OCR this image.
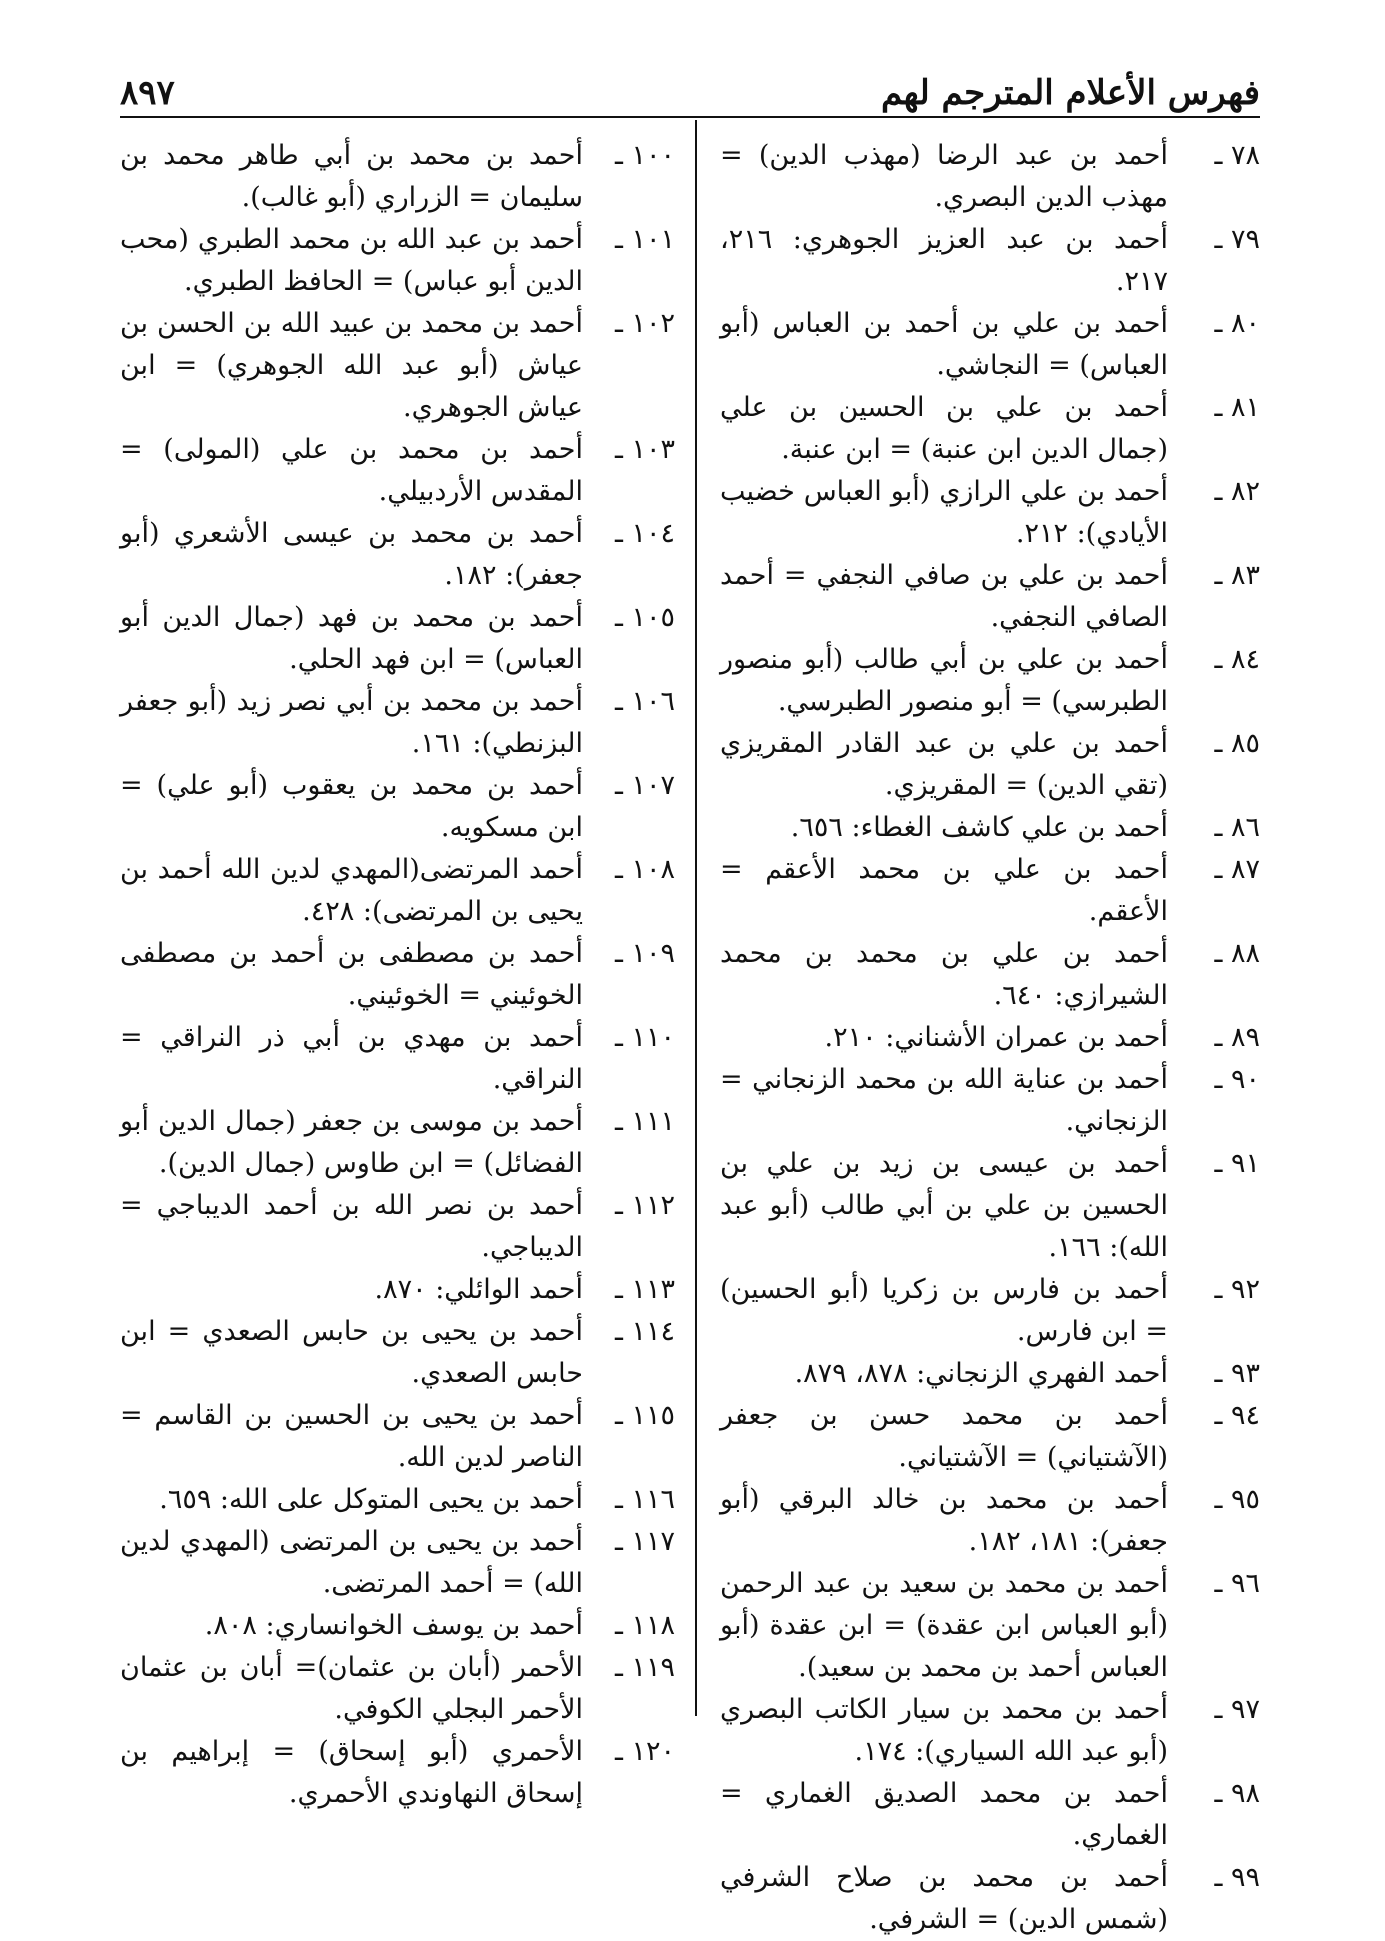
فهرس الأعلام المترجم لهم
٨٩٧
٧٨ ـ
أحمد بن عبد الرضا (مهذب الدين) = مهذب الدين البصري.
٧٩ ـ
أحمد بن عبد العزيز الجوهري: ٢١٦، ٢١٧.
٨٠ ـ
أحمد بن علي بن أحمد بن العباس (أبو العباس) = النجاشي.
٨١ ـ
أحمد بن علي بن الحسين بن علي (جمال الدين ابن عنبة) = ابن عنبة.
٨٢ ـ
أحمد بن علي الرازي (أبو العباس خضيب الأيادي): ٢١٢.
٨٣ ـ
أحمد بن علي بن صافي النجفي = أحمد الصافي النجفي.
٨٤ ـ
أحمد بن علي بن أبي طالب (أبو منصور الطبرسي) = أبو منصور الطبرسي.
٨٥ ـ
أحمد بن علي بن عبد القادر المقريزي (تقي الدين) = المقريزي.
٨٦ ـ
أحمد بن علي كاشف الغطاء: ٦٥٦.
٨٧ ـ
أحمد بن علي بن محمد الأعقم = الأعقم.
٨٨ ـ
أحمد بن علي بن محمد بن محمد الشيرازي: ٦٤٠.
٨٩ ـ
أحمد بن عمران الأشناني: ٢١٠.
٩٠ ـ
أحمد بن عناية الله بن محمد الزنجاني = الزنجاني.
٩١ ـ
أحمد بن عيسى بن زيد بن علي بن الحسين بن علي بن أبي طالب (أبو عبد الله): ١٦٦.
٩٢ ـ
أحمد بن فارس بن زكريا (أبو الحسين) = ابن فارس.
٩٣ ـ
أحمد الفهري الزنجاني: ٨٧٨، ٨٧٩.
٩٤ ـ
أحمد بن محمد حسن بن جعفر (الآشتياني) = الآشتياني.
٩٥ ـ
أحمد بن محمد بن خالد البرقي (أبو جعفر): ١٨١، ١٨٢.
٩٦ ـ
أحمد بن محمد بن سعيد بن عبد الرحمن (أبو العباس ابن عقدة) = ابن عقدة (أبو العباس أحمد بن محمد بن سعيد).
٩٧ ـ
أحمد بن محمد بن سيار الكاتب البصري (أبو عبد الله السياري): ١٧٤.
٩٨ ـ
أحمد بن محمد الصديق الغماري = الغماري.
٩٩ ـ
أحمد بن محمد بن صلاح الشرفي (شمس الدين) = الشرفي.
١٠٠ ـ
أحمد بن محمد بن أبي طاهر محمد بن سليمان = الزراري (أبو غالب).
١٠١ ـ
أحمد بن عبد الله بن محمد الطبري (محب الدين أبو عباس) = الحافظ الطبري.
١٠٢ ـ
أحمد بن محمد بن عبيد الله بن الحسن بن عياش (أبو عبد الله الجوهري) = ابن عياش الجوهري.
١٠٣ ـ
أحمد بن محمد بن علي (المولى) = المقدس الأردبيلي.
١٠٤ ـ
أحمد بن محمد بن عيسى الأشعري (أبو جعفر): ١٨٢.
١٠٥ ـ
أحمد بن محمد بن فهد (جمال الدين أبو العباس) = ابن فهد الحلي.
١٠٦ ـ
أحمد بن محمد بن أبي نصر زيد (أبو جعفر البزنطي): ١٦١.
١٠٧ ـ
أحمد بن محمد بن يعقوب (أبو علي) = ابن مسكويه.
١٠٨ ـ
أحمد المرتضى(المهدي لدين الله أحمد بن يحيى بن المرتضى): ٤٢٨.
١٠٩ ـ
أحمد بن مصطفى بن أحمد بن مصطفى الخوئيني = الخوئيني.
١١٠ ـ
أحمد بن مهدي بن أبي ذر النراقي = النراقي.
١١١ ـ
أحمد بن موسى بن جعفر (جمال الدين أبو الفضائل) = ابن طاوس (جمال الدين).
١١٢ ـ
أحمد بن نصر الله بن أحمد الديباجي = الديباجي.
١١٣ ـ
أحمد الوائلي: ٨٧٠.
١١٤ ـ
أحمد بن يحيى بن حابس الصعدي = ابن حابس الصعدي.
١١٥ ـ
أحمد بن يحيى بن الحسين بن القاسم = الناصر لدين الله.
١١٦ ـ
أحمد بن يحيى المتوكل على الله: ٦٥٩.
١١٧ ـ
أحمد بن يحيى بن المرتضى (المهدي لدين الله) = أحمد المرتضى.
١١٨ ـ
أحمد بن يوسف الخوانساري: ٨٠٨.
١١٩ ـ
الأحمر (أبان بن عثمان)= أبان بن عثمان الأحمر البجلي الكوفي.
١٢٠ ـ
الأحمري (أبو إسحاق) = إبراهيم بن إسحاق النهاوندي الأحمري.
